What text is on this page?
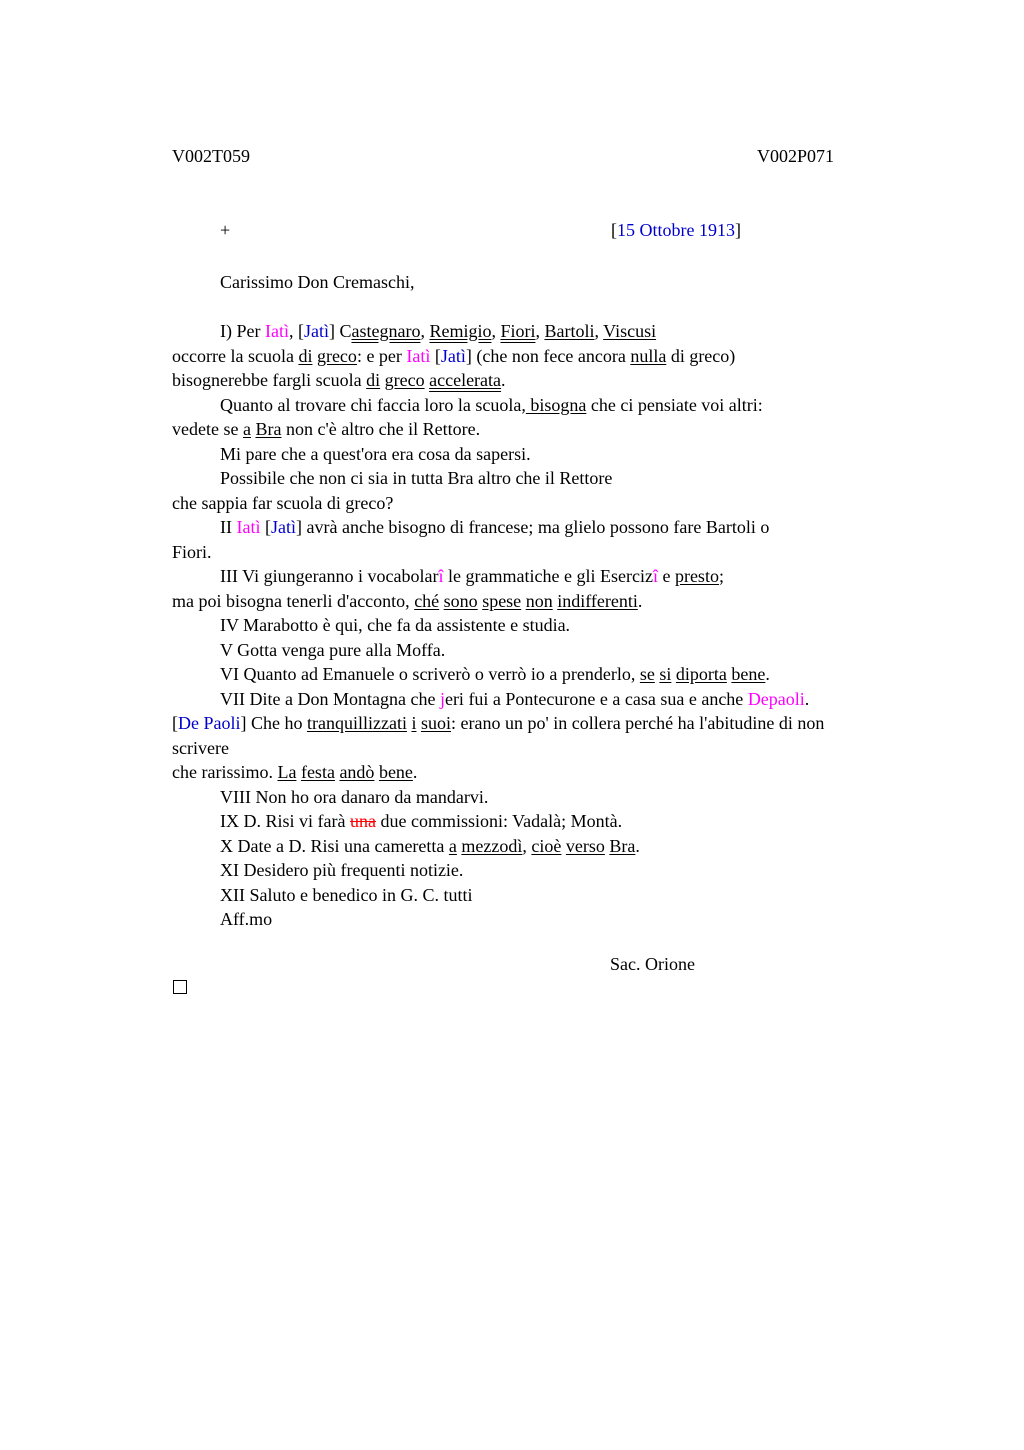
V002T059	V002P071
+	[15 Ottobre 1913]

Carissimo Don Cremaschi,

I) Per Iatì, [Jatì] Castegnaro, Remigio, Fiori, Bartoli, Viscusi

occorre la scuola di greco: e per Iatì [Jatì] (che non fece ancora nulla di greco)

bisognerebbe fargli scuola di greco accelerata.

Quanto al trovare chi faccia loro la scuola, bisogna che ci pensiate voi altri:

vedete se a Bra non c'è altro che il Rettore.

Mi pare che a quest'ora era cosa da sapersi.

Possibile che non ci sia in tutta Bra altro che il Rettore

che sappia far scuola di greco?

II Iatì [Jatì] avrà anche bisogno di francese; ma glielo possono fare Bartoli o

Fiori.

III Vi giungeranno i vocabolarî le grammatiche e gli Esercizî e presto;

ma poi bisogna tenerli d'acconto, ché sono spese non indifferenti.

IV Marabotto è qui, che fa da assistente e studia.

V Gotta venga pure alla Moffa.

VI Quanto ad Emanuele o scriverò o verrò io a prenderlo, se si diporta bene.

VII Dite a Don Montagna che jeri fui a Pontecurone e a casa sua e anche Depaoli.

[De Paoli] Che ho tranquillizzati i suoi: erano un po' in collera perché ha l'abitudine di non

scrivere

che rarissimo. La festa andò bene.

VIII Non ho ora danaro da mandarvi.

IX D. Risi vi farà una due commissioni: Vadalà; Montà.

X Date a D. Risi una cameretta a mezzodì, cioè verso Bra.

XI Desidero più frequenti notizie.

XII Saluto e benedico in G. C. tutti

Aff.mo

Sac. Orione
